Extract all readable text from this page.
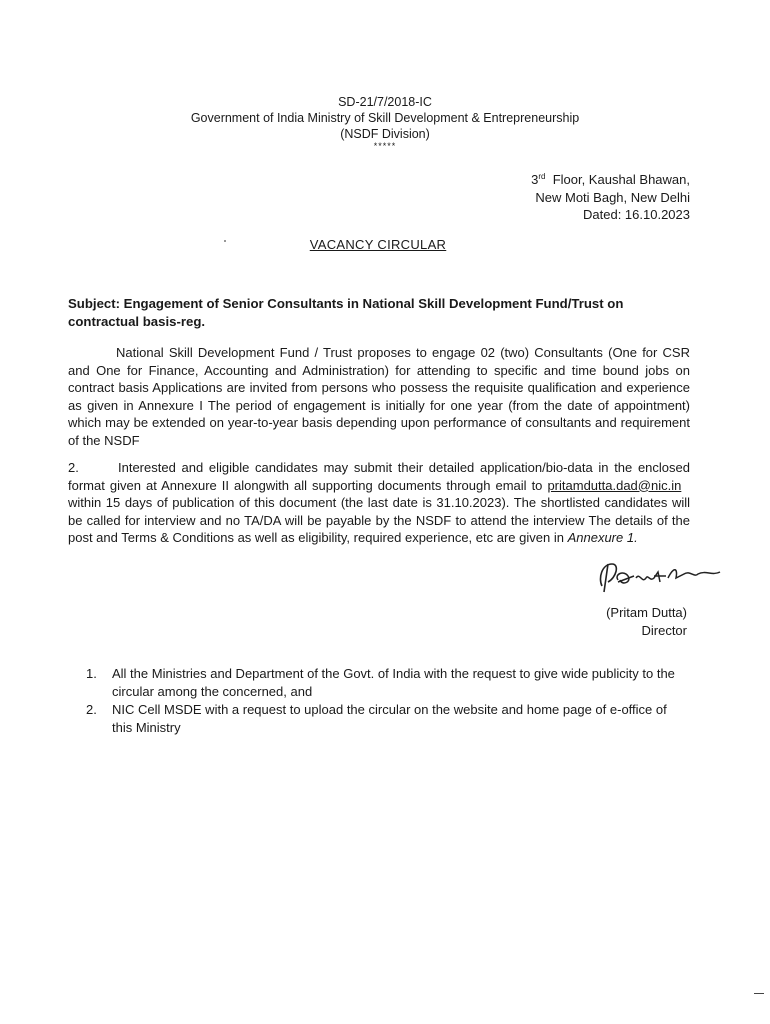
SD-21/7/2018-IC
Government of India Ministry of Skill Development & Entrepreneurship
(NSDF Division)
*****
3rd Floor, Kaushal Bhawan,
New Moti Bagh, New Delhi
Dated: 16.10.2023
VACANCY CIRCULAR
Subject: Engagement of Senior Consultants in National Skill Development Fund/Trust on contractual basis-reg.
National Skill Development Fund / Trust proposes to engage 02 (two) Consultants (One for CSR and One for Finance, Accounting and Administration) for attending to specific and time bound jobs on contract basis Applications are invited from persons who possess the requisite qualification and experience as given in Annexure I The period of engagement is initially for one year (from the date of appointment) which may be extended on year-to-year basis depending upon performance of consultants and requirement of the NSDF
2.	Interested and eligible candidates may submit their detailed application/bio-data in the enclosed format given at Annexure II alongwith all supporting documents through email to pritamdutta.dad@nic.in   within 15 days of publication of this document (the last date is 31.10.2023). The shortlisted candidates will be called for interview and no TA/DA will be payable by the NSDF to attend the interview The details of the post and Terms & Conditions as well as eligibility, required experience, etc are given in Annexure 1.
(Pritam Dutta)
Director
1. All the Ministries and Department of the Govt. of India with the request to give wide publicity to the circular among the concerned, and
2. NIC Cell MSDE with a request to upload the circular on the website and home page of e-office of this Ministry
